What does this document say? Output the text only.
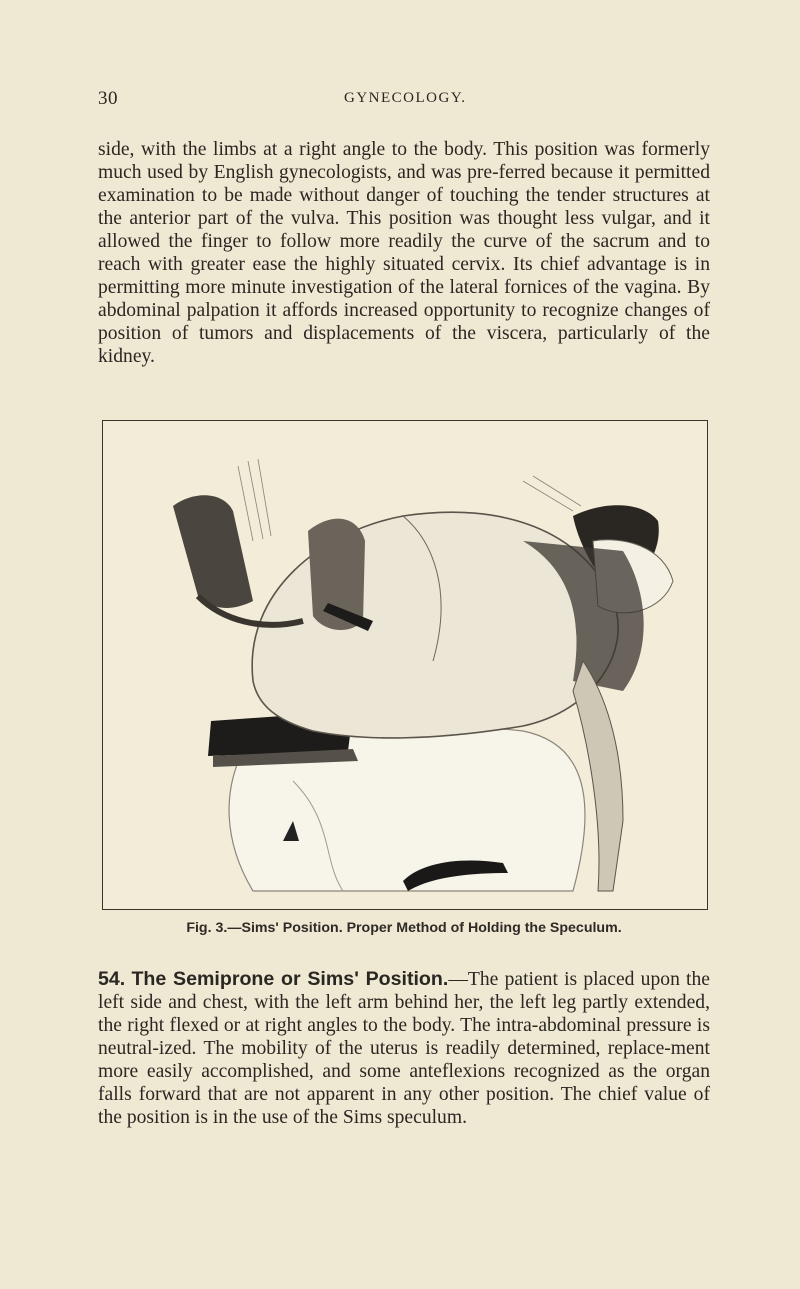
30	GYNECOLOGY.

side, with the limbs at a right angle to the body. This position was formerly much used by English gynecologists, and was pre-ferred because it permitted examination to be made without danger of touching the tender structures at the anterior part of the vulva. This position was thought less vulgar, and it allowed the finger to follow more readily the curve of the sacrum and to reach with greater ease the highly situated cervix. Its chief advantage is in permitting more minute investigation of the lateral fornices of the vagina. By abdominal palpation it affords increased opportunity to recognize changes of position of tumors and displacements of the viscera, particularly of the kidney.

Fig. 3.—Sims' Position. Proper Method of Holding the Speculum.

54. The Semiprone or Sims' Position.—The patient is placed upon the left side and chest, with the left arm behind her, the left leg partly extended, the right flexed or at right angles to the body. The intra-abdominal pressure is neutral-ized. The mobility of the uterus is readily determined, replace-ment more easily accomplished, and some anteflexions recognized as the organ falls forward that are not apparent in any other position. The chief value of the position is in the use of the Sims speculum.
